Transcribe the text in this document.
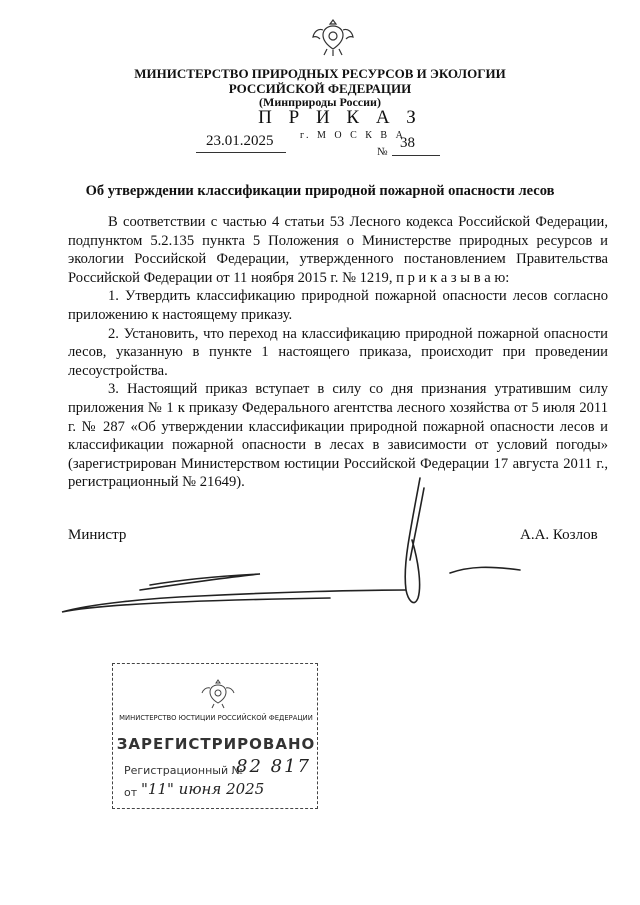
МИНИСТЕРСТВО ПРИРОДНЫХ РЕСУРСОВ И ЭКОЛОГИИ
РОССИЙСКОЙ ФЕДЕРАЦИИ
(Минприроды России)
П Р И К А З
23.01.2025	г. М О С К В А
№
38
Об утверждении классификации природной пожарной опасности лесов

В соответствии с частью 4 статьи 53 Лесного кодекса Российской Федерации, подпунктом 5.2.135 пункта 5 Положения о Министерстве природных ресурсов и экологии Российской Федерации, утвержденного постановлением Правительства Российской Федерации от 11 ноября 2015 г. № 1219, п р и к а з ы в а ю:

1. Утвердить классификацию природной пожарной опасности лесов согласно приложению к настоящему приказу.

2. Установить, что переход на классификацию природной пожарной опасности лесов, указанную в пункте 1 настоящего приказа, происходит при проведении лесоустройства.

3. Настоящий приказ вступает в силу со дня признания утратившим силу приложения № 1 к приказу Федерального агентства лесного хозяйства от 5 июля 2011 г. № 287 «Об утверждении классификации природной пожарной опасности лесов и классификации пожарной опасности в лесах в зависимости от условий погоды» (зарегистрирован Министерством юстиции Российской Федерации 17 августа 2011 г., регистрационный № 21649).

Министр	А.А. Козлов
МИНИСТЕРСТВО ЮСТИЦИИ РОССИЙСКОЙ ФЕДЕРАЦИИ
ЗАРЕГИСТРИРОВАНО
Регистрационный №
82 817
от "11" июня 2025
